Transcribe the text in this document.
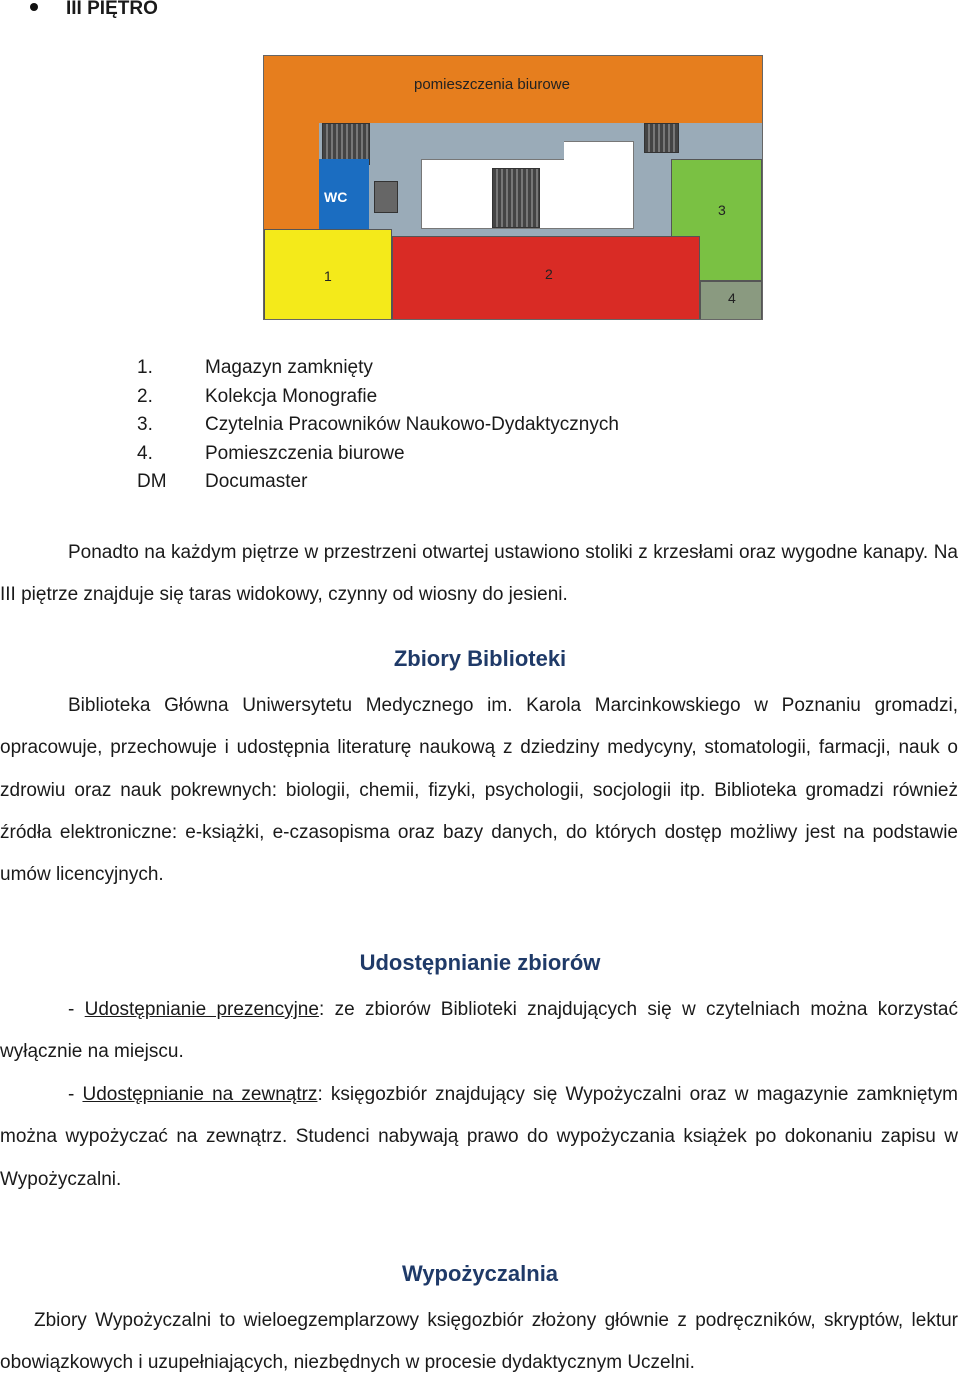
III PIĘTRO
pomieszczenia biurowe
WC
3
1	2
4
1.	Magazyn zamknięty
2.	Kolekcja Monografie
3.	Czytelnia Pracowników Naukowo-Dydaktycznych
4.	Pomieszczenia biurowe
DM Documaster
Ponadto na każdym piętrze w przestrzeni otwartej ustawiono stoliki z krzesłami oraz wygodne kanapy. Na III piętrze znajduje się taras widokowy, czynny od wiosny do jesieni.
Zbiory Biblioteki
Biblioteka Główna Uniwersytetu Medycznego im. Karola Marcinkowskiego w Poznaniu gromadzi, opracowuje, przechowuje i udostępnia literaturę naukową z dziedziny medycyny, stomatologii, farmacji, nauk o zdrowiu oraz nauk pokrewnych: biologii, chemii, fizyki, psychologii, socjologii itp. Biblioteka gromadzi również źródła elektroniczne: e-książki, e-czasopisma oraz bazy danych, do których dostęp możliwy jest na podstawie umów licencyjnych.
Udostępnianie zbiorów
- Udostępnianie prezencyjne: ze zbiorów Biblioteki znajdujących się w czytelniach można korzystać wyłącznie na miejscu.
- Udostępnianie na zewnątrz: księgozbiór znajdujący się Wypożyczalni oraz w magazynie zamkniętym można wypożyczać na zewnątrz. Studenci nabywają prawo do wypożyczania książek po dokonaniu zapisu w Wypożyczalni.
Wypożyczalnia
Zbiory Wypożyczalni to wieloegzemplarzowy księgozbiór złożony głównie z podręczników, skryptów, lektur obowiązkowych i uzupełniających, niezbędnych w procesie dydaktycznym Uczelni.
